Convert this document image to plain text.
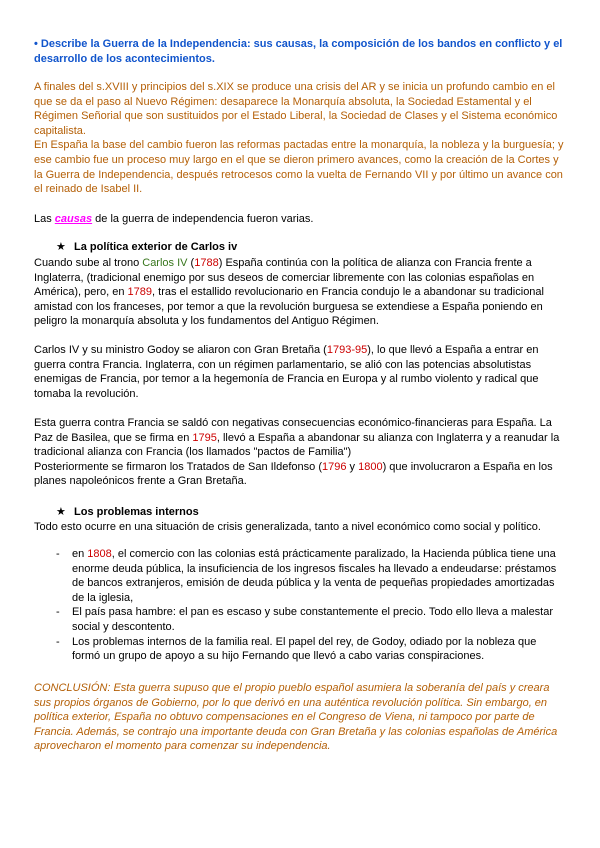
• Describe la Guerra de la Independencia: sus causas, la composición de los bandos en conflicto y el desarrollo de los acontecimientos.
A finales del s.XVIII y principios del s.XIX se produce una crisis del AR y se inicia un profundo cambio en el que se da el paso al Nuevo Régimen: desaparece la Monarquía absoluta, la Sociedad Estamental y el Régimen Señorial que son sustituidos por el Estado Liberal, la Sociedad de Clases y el Sistema económico capitalista.
En España la base del cambio fueron las reformas pactadas entre la monarquía, la nobleza y la burguesía; y ese cambio fue un proceso muy largo en el que se dieron primero avances, como la creación de la Cortes y la Guerra de Independencia, después retrocesos como la vuelta de Fernando VII y por último un avance con el reinado de Isabel II.
Las causas de la guerra de independencia fueron varias.
★ La política exterior de Carlos iv
Cuando sube al trono Carlos IV (1788) España continúa con la política de alianza con Francia frente a Inglaterra, (tradicional enemigo por sus deseos de comerciar libremente con las colonias españolas en América), pero, en 1789, tras el estallido revolucionario en Francia condujo le a abandonar su tradicional amistad con los franceses, por temor a que la revolución burguesa se extendiese a España poniendo en peligro la monarquía absoluta y los fundamentos del Antiguo Régimen.
Carlos IV y su ministro Godoy se aliaron con Gran Bretaña (1793-95), lo que llevó a España a entrar en guerra contra Francia. Inglaterra, con un régimen parlamentario, se alió con las potencias absolutistas enemigas de Francia, por temor a la hegemonía de Francia en Europa y al rumbo violento y radical que tomaba la revolución.
Esta guerra contra Francia se saldó con negativas consecuencias económico-financieras para España. La Paz de Basilea, que se firma en 1795, llevó a España a abandonar su alianza con Inglaterra y a reanudar la tradicional alianza con Francia (los llamados "pactos de Familia")
Posteriormente se firmaron los Tratados de San Ildefonso (1796 y 1800) que involucraron a España en los planes napoleónicos frente a Gran Bretaña.
★ Los problemas internos
Todo esto ocurre en una situación de crisis generalizada, tanto a nivel económico como social y político.
- en 1808, el comercio con las colonias está prácticamente paralizado, la Hacienda pública tiene una enorme deuda pública, la insuficiencia de los ingresos fiscales ha llevado a endeudarse: préstamos de bancos extranjeros, emisión de deuda pública y la venta de pequeñas propiedades amortizadas de la iglesia,
- El país pasa hambre: el pan es escaso y sube constantemente el precio. Todo ello lleva a malestar social y descontento.
- Los problemas internos de la familia real. El papel del rey, de Godoy, odiado por la nobleza que formó un grupo de apoyo a su hijo Fernando que llevó a cabo varias conspiraciones.
CONCLUSIÓN: Esta guerra supuso que el propio pueblo español asumiera la soberanía del país y creara sus propios órganos de Gobierno, por lo que derivó en una auténtica revolución política. Sin embargo, en política exterior, España no obtuvo compensaciones en el Congreso de Viena, ni tampoco por parte de Francia. Además, se contrajo una importante deuda con Gran Bretaña y las colonias españolas de América aprovecharon el momento para comenzar su independencia.
